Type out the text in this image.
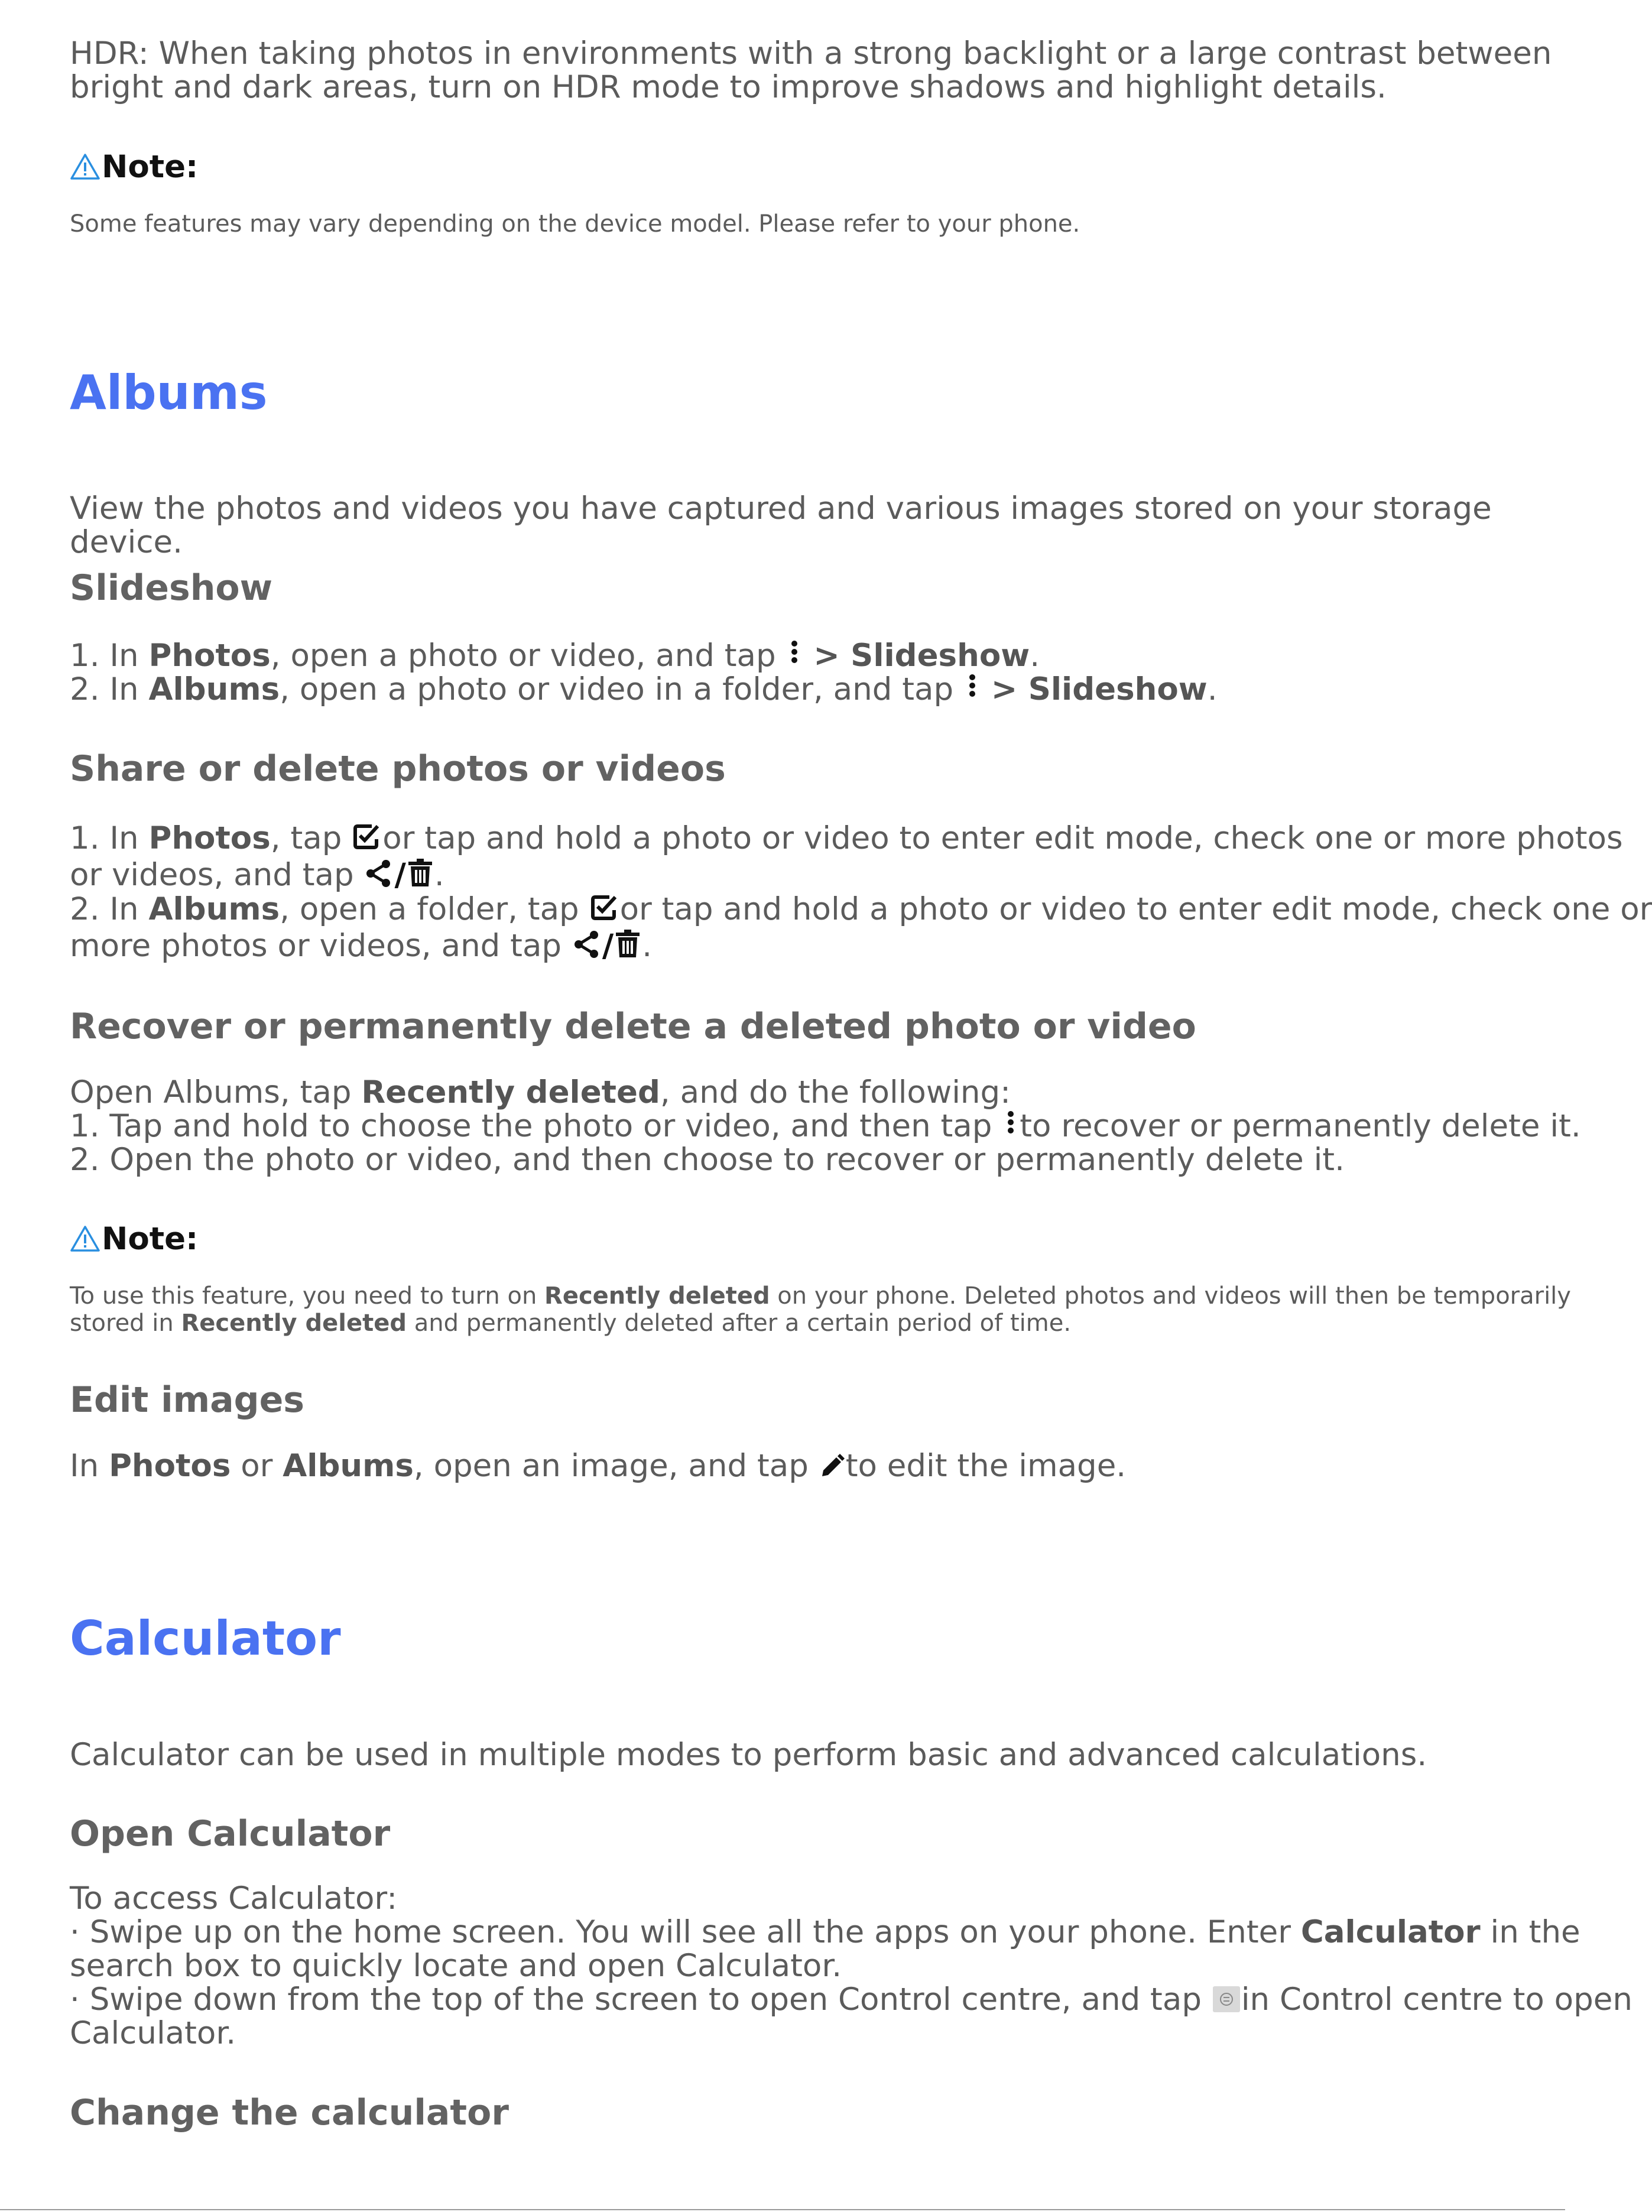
HDR: When taking photos in environments with a strong backlight or a large contrast between
bright and dark areas, turn on HDR mode to improve shadows and highlight details.
Note:
Some features may vary depending on the device model. Please refer to your phone.
Albums
View the photos and videos you have captured and various images stored on your storage device.
Slideshow
1. In Photos, open a photo or video, and tap  > Slideshow.
2. In Albums, open a photo or video in a folder, and tap  > Slideshow.
Share or delete photos or videos
1. In Photos, tap or tap and hold a photo or video to enter edit mode, check one or more photos
or videos, and tap / .
2. In Albums, open a folder, tap or tap and hold a photo or video to enter edit mode, check one or
more photos or videos, and tap / .
Recover or permanently delete a deleted photo or video
Open Albums, tap Recently deleted, and do the following:
1. Tap and hold to choose the photo or video, and then tap to recover or permanently delete it.
2. Open the photo or video, and then choose to recover or permanently delete it.
Note:
To use this feature, you need to turn on Recently deleted on your phone. Deleted photos and videos will then be temporarily
stored in Recently deleted and permanently deleted after a certain period of time.
Edit images
In Photos or Albums, open an image, and tap to edit the image.
Calculator
Calculator can be used in multiple modes to perform basic and advanced calculations.
Open Calculator
To access Calculator:
· Swipe up on the home screen. You will see all the apps on your phone. Enter Calculator in the
search box to quickly locate and open Calculator.
· Swipe down from the top of the screen to open Control centre, and tap in Control centre to open
Calculator.
Change the calculator
